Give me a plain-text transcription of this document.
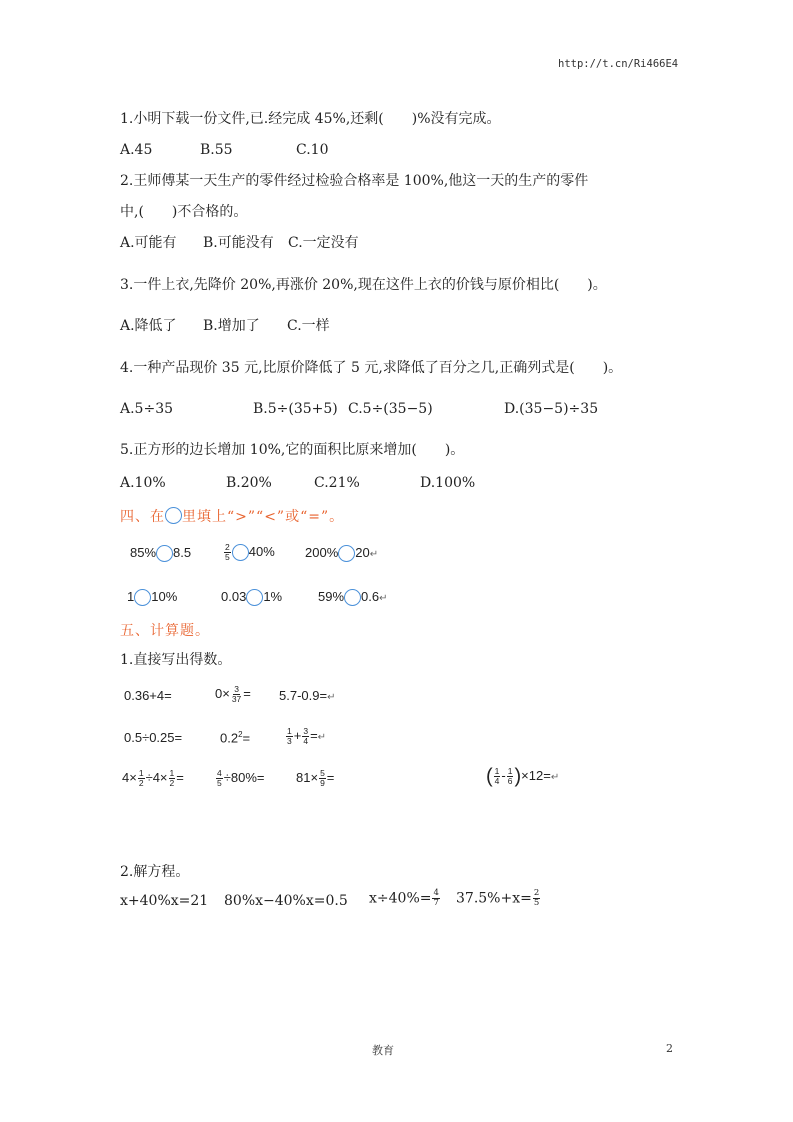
http://t.cn/Ri466E4
1.小明下载一份文件,已.经完成 45%,还剩(　　)%没有完成。
A.45	B.55	C.10
2.王师傅某一天生产的零件经过检验合格率是 100%,他这一天的生产的零件
中,(　　)不合格的。
A.可能有 B.可能没有 C.一定没有
3.一件上衣,先降价 20%,再涨价 20%,现在这件上衣的价钱与原价相比(　　)。
A.降低了 B.增加了 C.一样
4.一种产品现价 35 元,比原价降低了 5 元,求降低了百分之几,正确列式是(　　)。
A.5÷35	B.5÷(35+5) C.5÷(35−5)	D.(35−5)÷35
5.正方形的边长增加 10%,它的面积比原来增加(　　)。
A.10%	B.20%	C.21%	D.100%
四、在 里填上“>”“<”或“=”。
85% 8.5	$\frac{2}{5} 40\%$ 200% 20↵
1 10%	0.03 1%	59% 0.6↵
五、计算题。
1.直接写出得数。
0.36+4=	$0\times \frac{3}{37}$ = 5.7-0.9=↵
0.5÷0.25=	$0.2^2=$	$\frac{1}{3} + \frac{3}{4}$ =↵
$4\times \frac{1}{2} \div 4\times \frac{1}{2}$ =	$\frac{4}{5} \div 80\%= 81\times \frac{5}{9}$ =	( $\frac{1}{4} - \frac{1}{6}$ )×12=↵
2.解方程。
x+40%x=21 80%x−40%x=0.5 $x\div 40\%= \frac{4}{7} 37.5\%+x= \frac{2}{5}$
教育	2
